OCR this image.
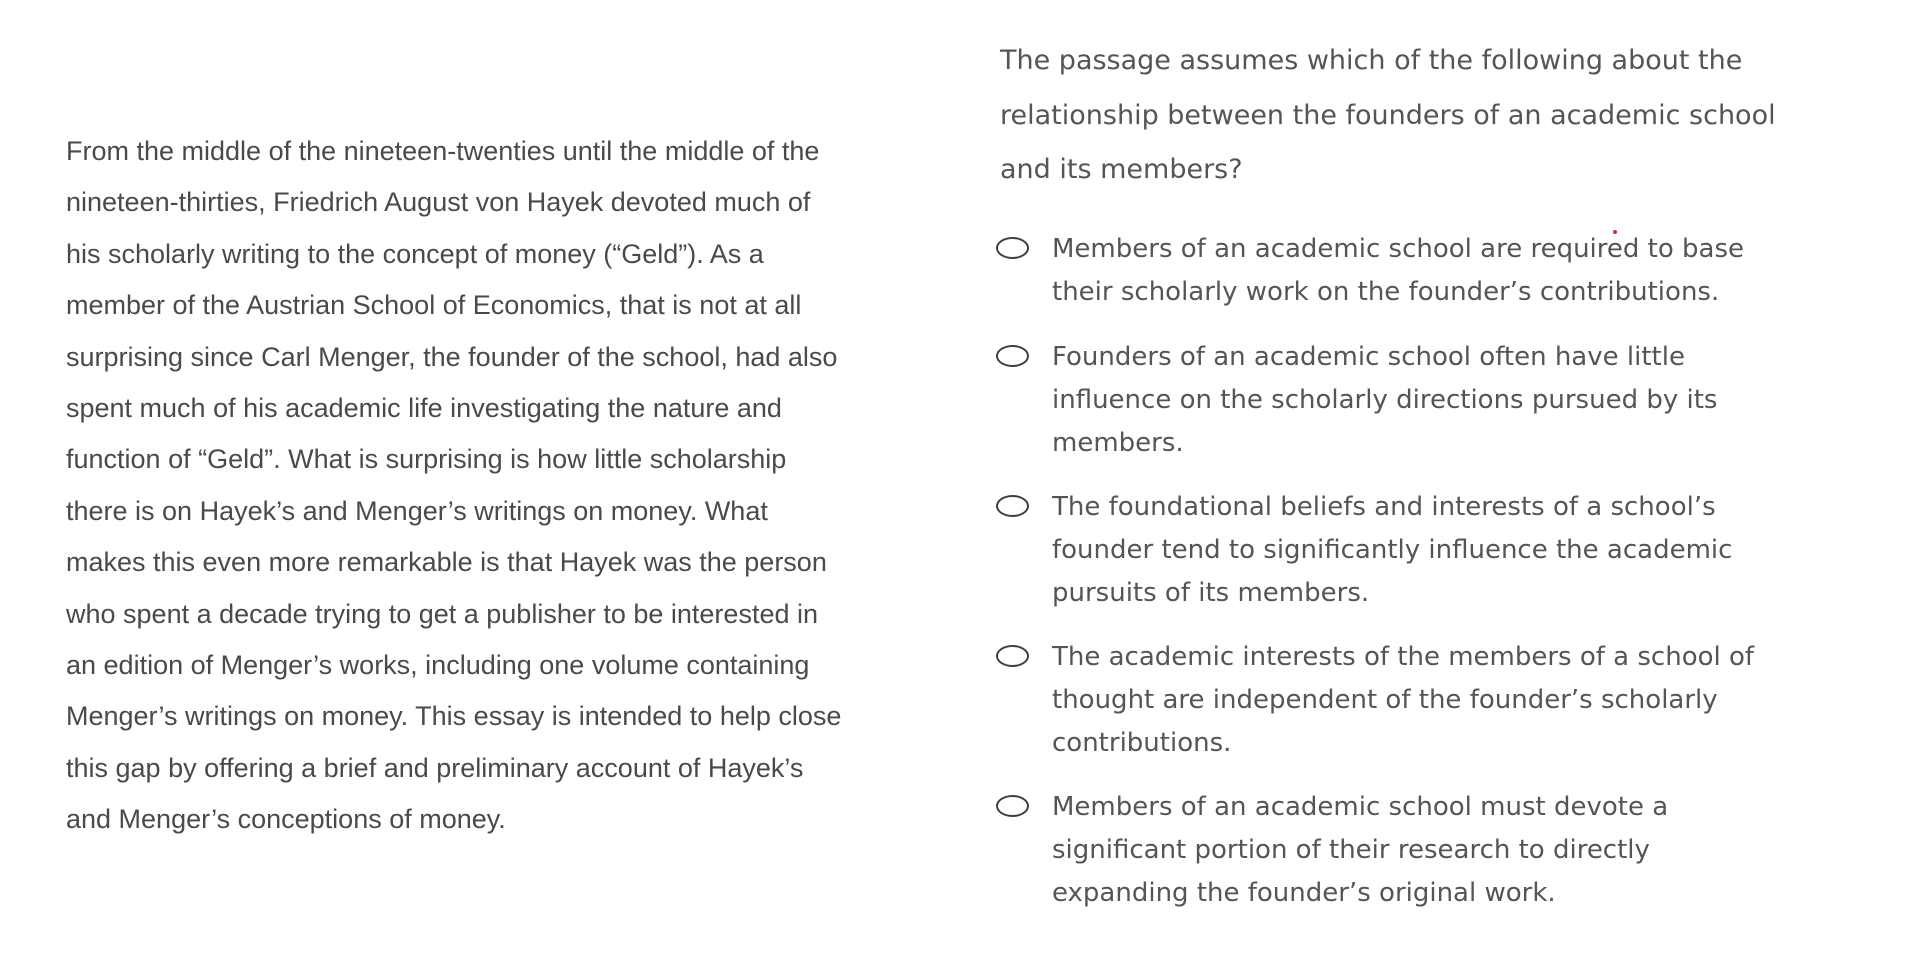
From the middle of the nineteen-twenties until the middle of the
nineteen-thirties, Friedrich August von Hayek devoted much of
his scholarly writing to the concept of money (“Geld”). As a
member of the Austrian School of Economics, that is not at all
surprising since Carl Menger, the founder of the school, had also
spent much of his academic life investigating the nature and
function of “Geld”. What is surprising is how little scholarship
there is on Hayek’s and Menger’s writings on money. What
makes this even more remarkable is that Hayek was the person
who spent a decade trying to get a publisher to be interested in
an edition of Menger’s works, including one volume containing
Menger’s writings on money. This essay is intended to help close
this gap by offering a brief and preliminary account of Hayek’s
and Menger’s conceptions of money.

The passage assumes which of the following about the
relationship between the founders of an academic school
and its members?

Members of an academic school are required to base
their scholarly work on the founder’s contributions.
Founders of an academic school often have little
influence on the scholarly directions pursued by its
members.
The foundational beliefs and interests of a school’s
founder tend to significantly influence the academic
pursuits of its members.
The academic interests of the members of a school of
thought are independent of the founder’s scholarly
contributions.
Members of an academic school must devote a
significant portion of their research to directly
expanding the founder’s original work.
